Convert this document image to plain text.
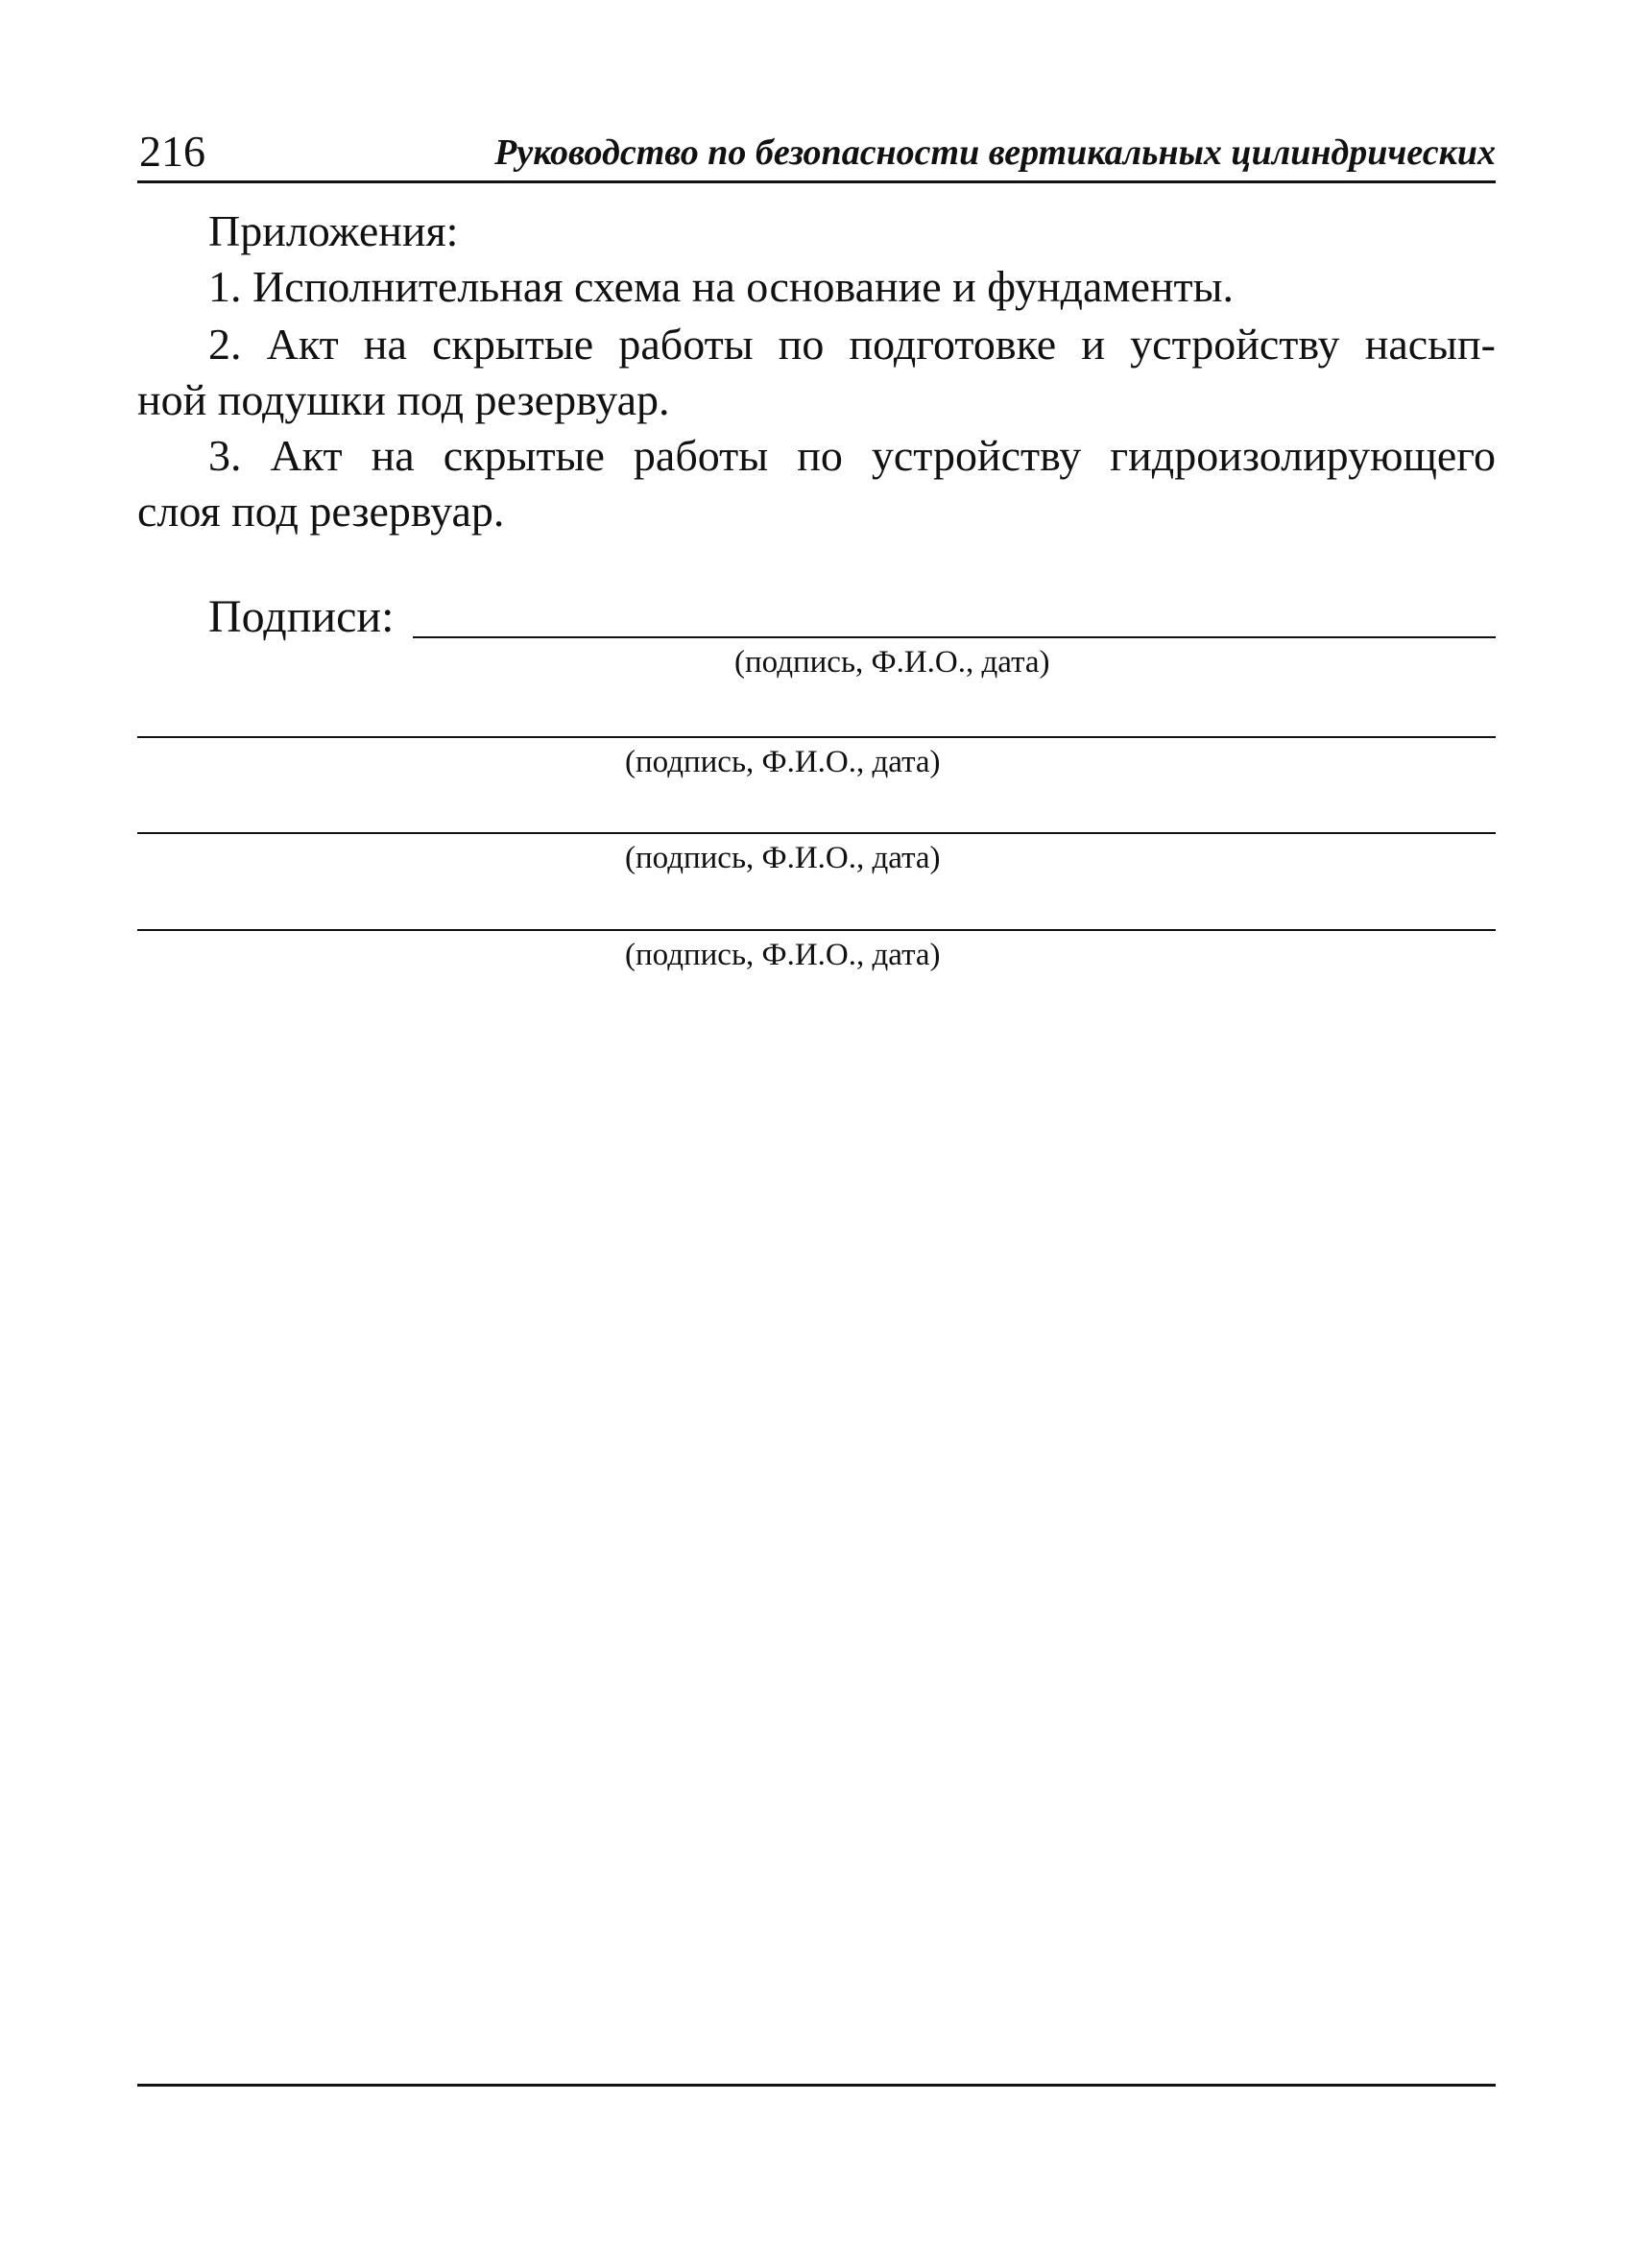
216	Руководство по безопасности вертикальных цилиндрических
Приложения:
1. Исполнительная схема на основание и фундаменты.
2. Акт на скрытые работы по подготовке и устройству насып-
ной подушки под резервуар.
3. Акт на скрытые работы по устройству гидроизолирующего
слоя под резервуар.
Подписи:
(подпись, Ф.И.О., дата)
(подпись, Ф.И.О., дата)
(подпись, Ф.И.О., дата)
(подпись, Ф.И.О., дата)
